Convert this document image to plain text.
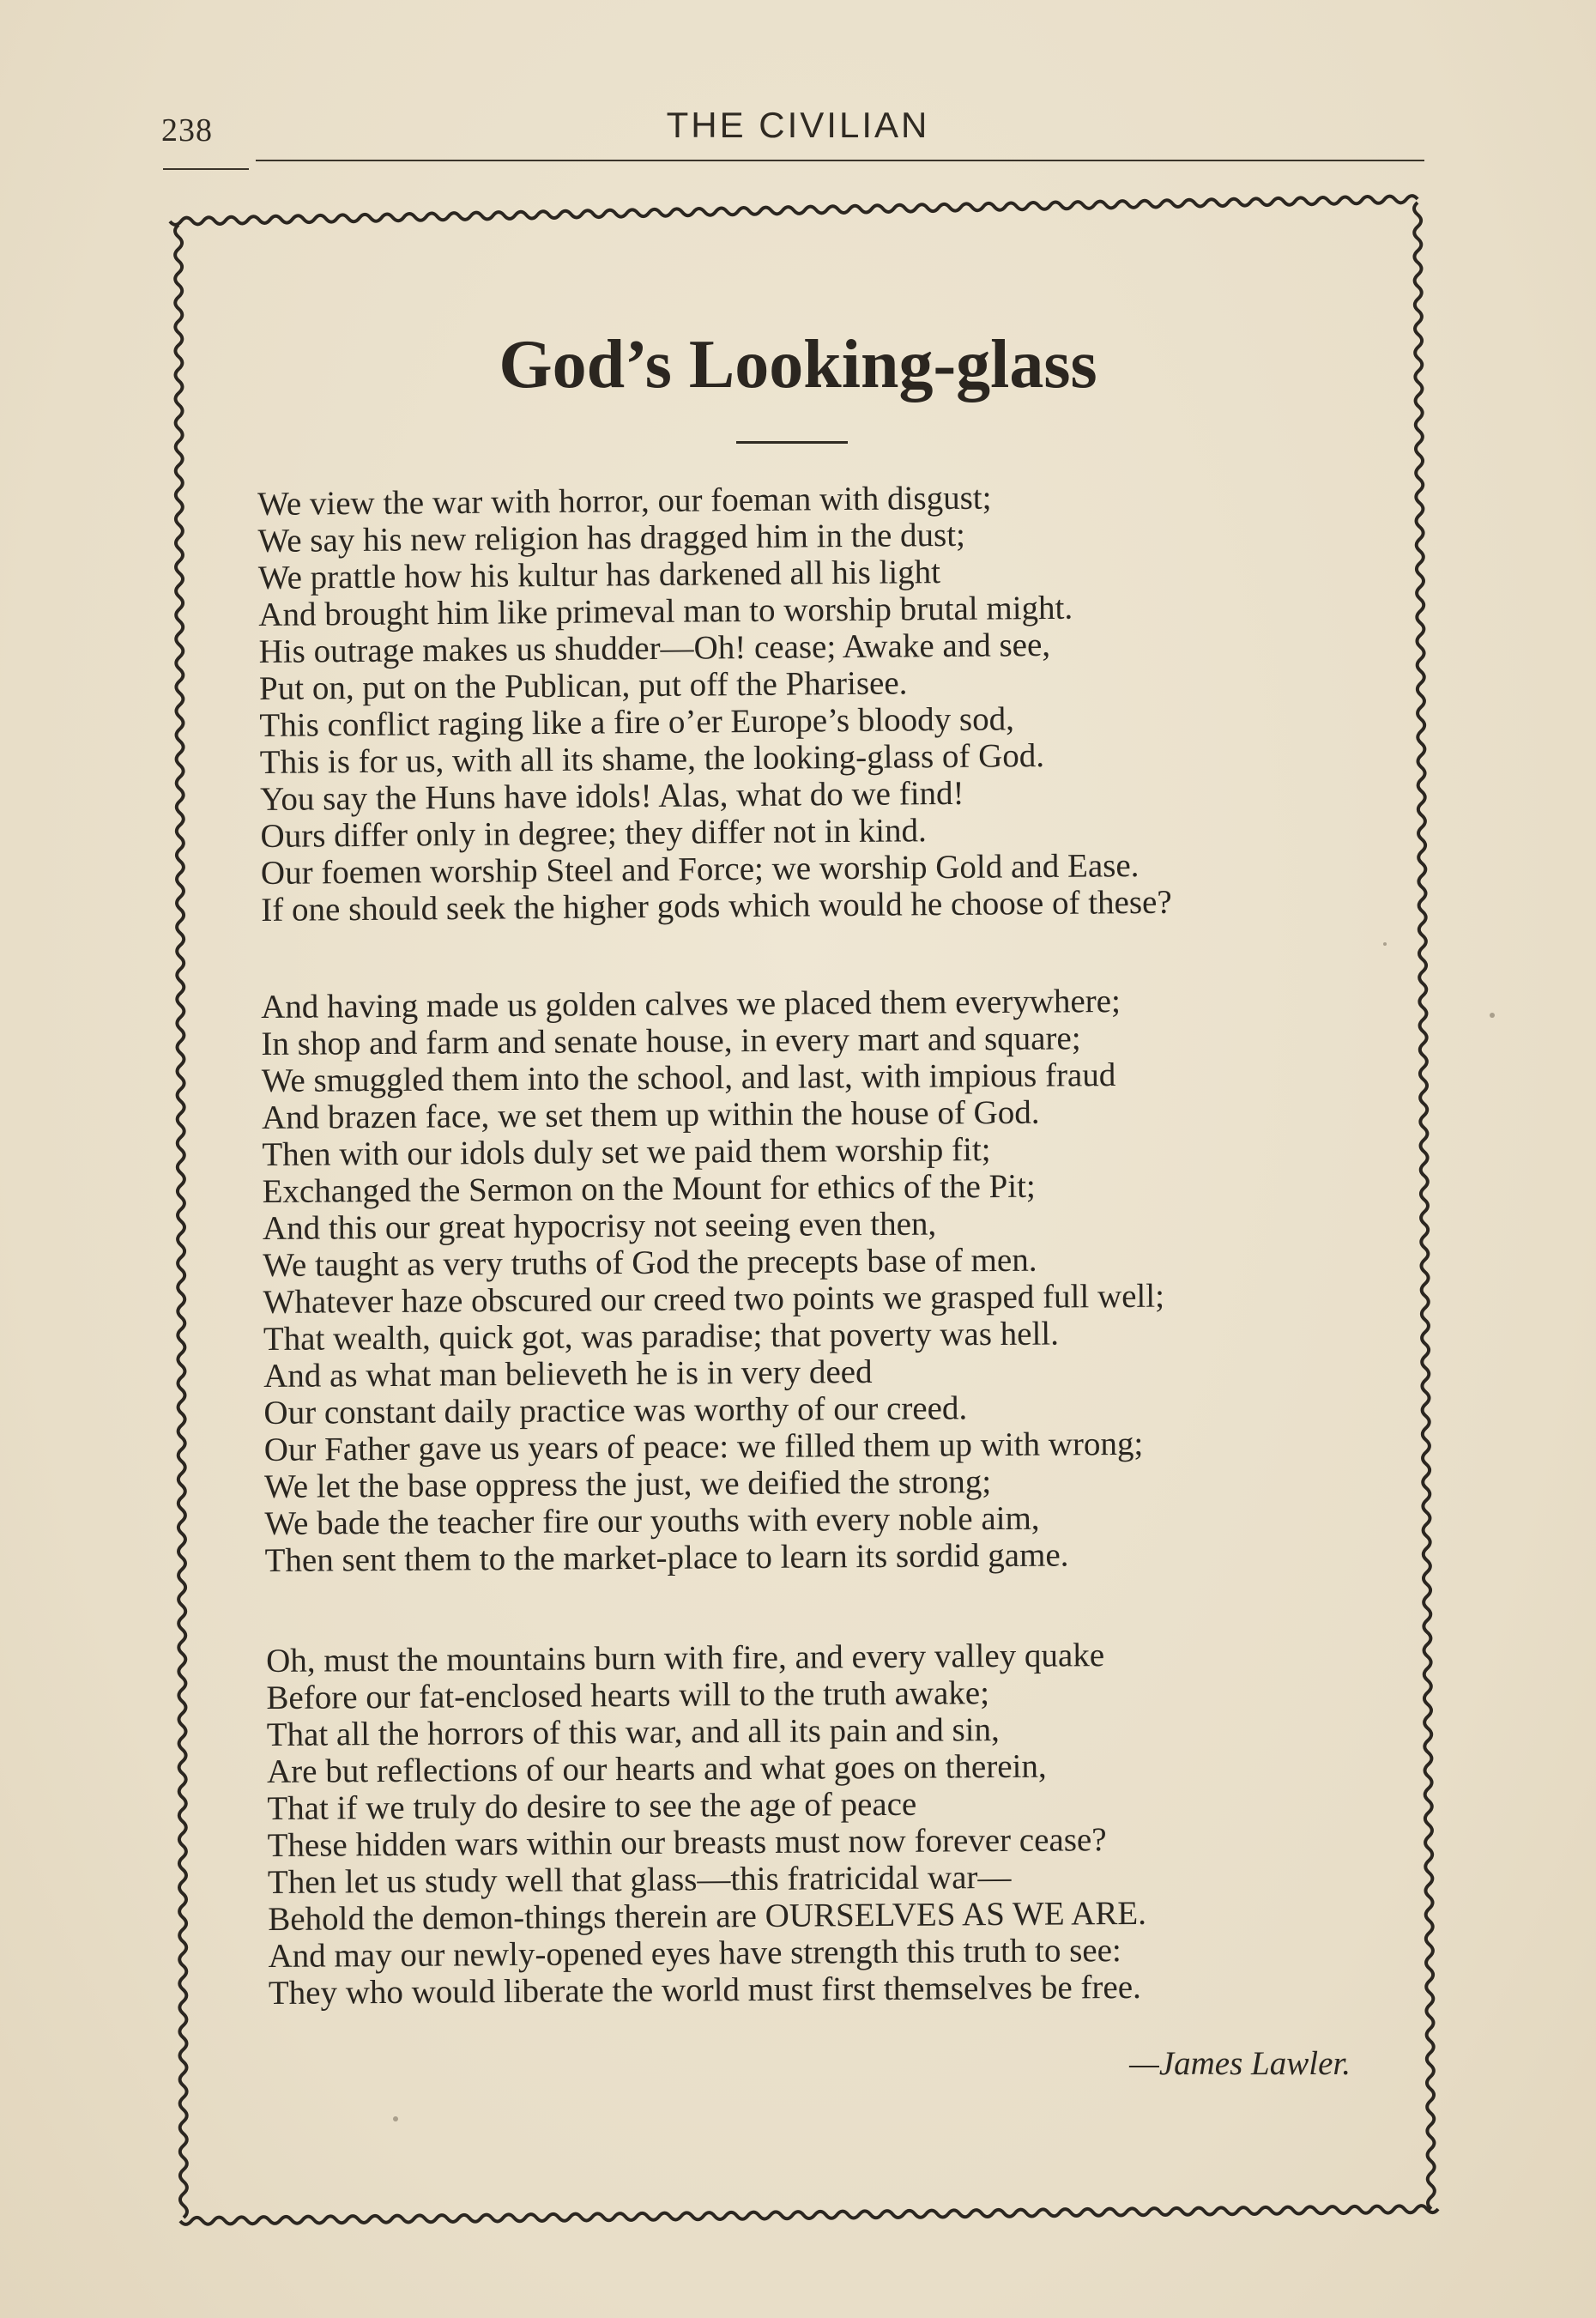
238	THE CIVILIAN
God’s Looking-glass
We view the war with horror, our foeman with disgust;
We say his new religion has dragged him in the dust;
We prattle how his kultur has darkened all his light
And brought him like primeval man to worship brutal might.
His outrage makes us shudder—Oh! cease; Awake and see,
Put on, put on the Publican, put off the Pharisee.
This conflict raging like a fire o’er Europe’s bloody sod,
This is for us, with all its shame, the looking-glass of God.
You say the Huns have idols! Alas, what do we find!
Ours differ only in degree; they differ not in kind.
Our foemen worship Steel and Force; we worship Gold and Ease.
If one should seek the higher gods which would he choose of these?
And having made us golden calves we placed them everywhere;
In shop and farm and senate house, in every mart and square;
We smuggled them into the school, and last, with impious fraud
And brazen face, we set them up within the house of God.
Then with our idols duly set we paid them worship fit;
Exchanged the Sermon on the Mount for ethics of the Pit;
And this our great hypocrisy not seeing even then,
We taught as very truths of God the precepts base of men.
Whatever haze obscured our creed two points we grasped full well;
That wealth, quick got, was paradise; that poverty was hell.
And as what man believeth he is in very deed
Our constant daily practice was worthy of our creed.
Our Father gave us years of peace: we filled them up with wrong;
We let the base oppress the just, we deified the strong;
We bade the teacher fire our youths with every noble aim,
Then sent them to the market-place to learn its sordid game.
Oh, must the mountains burn with fire, and every valley quake
Before our fat-enclosed hearts will to the truth awake;
That all the horrors of this war, and all its pain and sin,
Are but reflections of our hearts and what goes on therein,
That if we truly do desire to see the age of peace
These hidden wars within our breasts must now forever cease?
Then let us study well that glass—this fratricidal war—
Behold the demon-things therein are OURSELVES AS WE ARE.
And may our newly-opened eyes have strength this truth to see:
They who would liberate the world must first themselves be free.
—James Lawler.
